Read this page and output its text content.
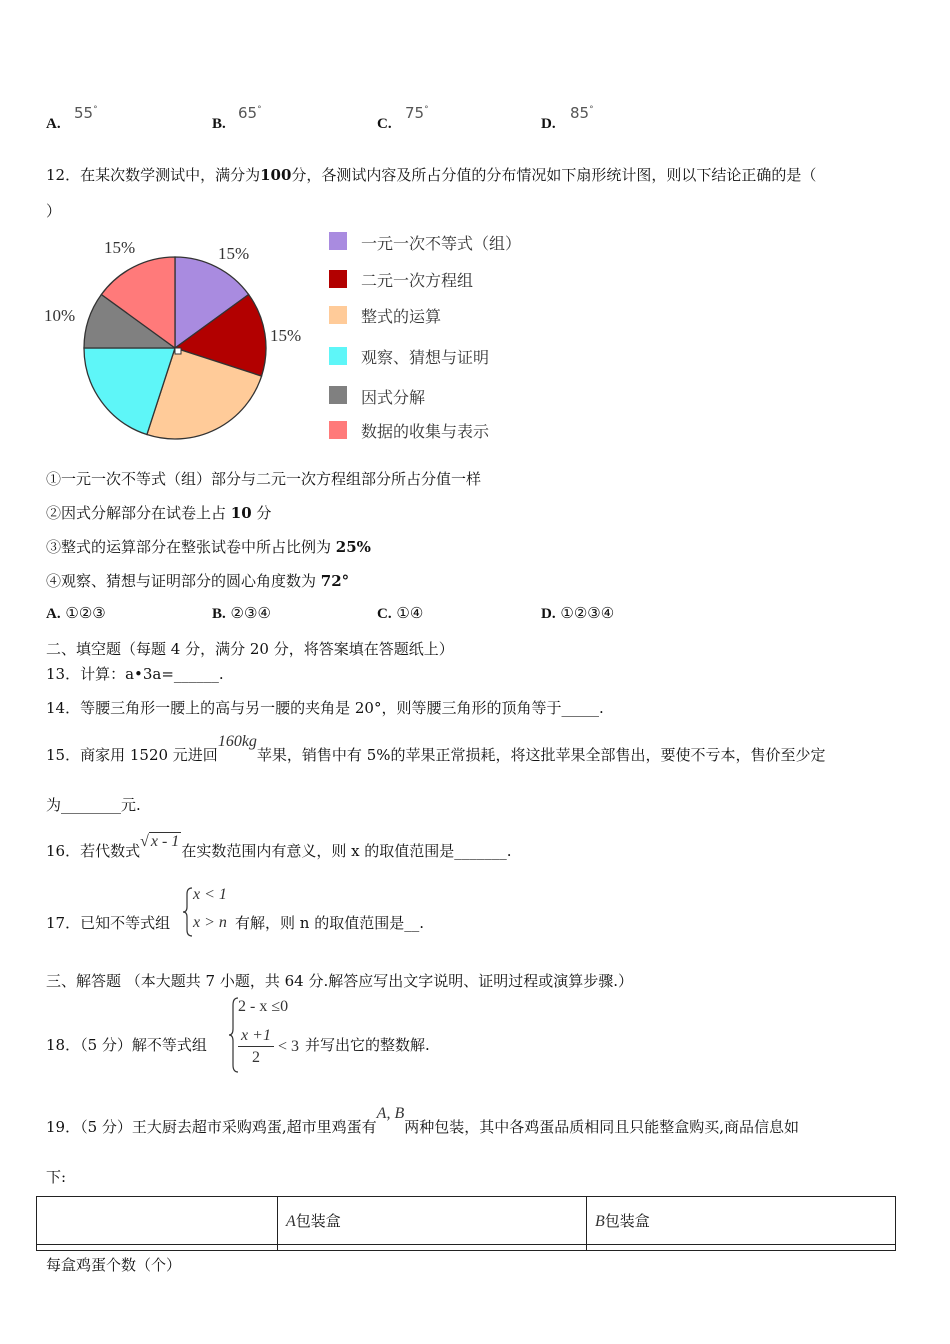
A.
55°
B.
65°
C.
75°
D.
85°
12．在某次数学测试中，满分为100分，各测试内容及所占分值的分布情况如下扇形统计图，则以下结论正确的是（
）
15%	15%
15%
10%
一元一次不等式（组）
二元一次方程组
整式的运算
观察、猜想与证明
因式分解
数据的收集与表示
①一元一次不等式（组）部分与二元一次方程组部分所占分值一样
②因式分解部分在试卷上占 10 分
③整式的运算部分在整张试卷中所占比例为 25%
④观察、猜想与证明部分的圆心角度数为 72°
A. ①②③	B. ②③④	C. ①④	D. ①②③④
二、填空题（每题 4 分，满分 20 分，将答案填在答题纸上）
13．计算：a•3a=______.
14．等腰三角形一腰上的高与另一腰的夹角是 20°，则等腰三角形的顶角等于_____.
15．商家用 1520 元进回160kg苹果，销售中有 5%的苹果正常损耗，将这批苹果全部售出，要使不亏本，售价至少定
为________元.
16．若代数式√ x - 1在实数范围内有意义，则 x 的取值范围是_______.
17．已知不等式组
x < 1
x > n 有解，则 n 的取值范围是__.
三、解答题 （本大题共 7 小题，共 64 分.解答应写出文字说明、证明过程或演算步骤.）
18．（5 分）解不等式组
2 - x ≤0
$\frac{x +1}{2} < 3$ 并写出它的整数解.
19．（5 分）王大厨去超市采购鸡蛋,超市里鸡蛋有A, B两种包装，其中各鸡蛋品质相同且只能整盒购买,商品信息如
下:
	A包装盒	B包装盒

每盒鸡蛋个数（个）
